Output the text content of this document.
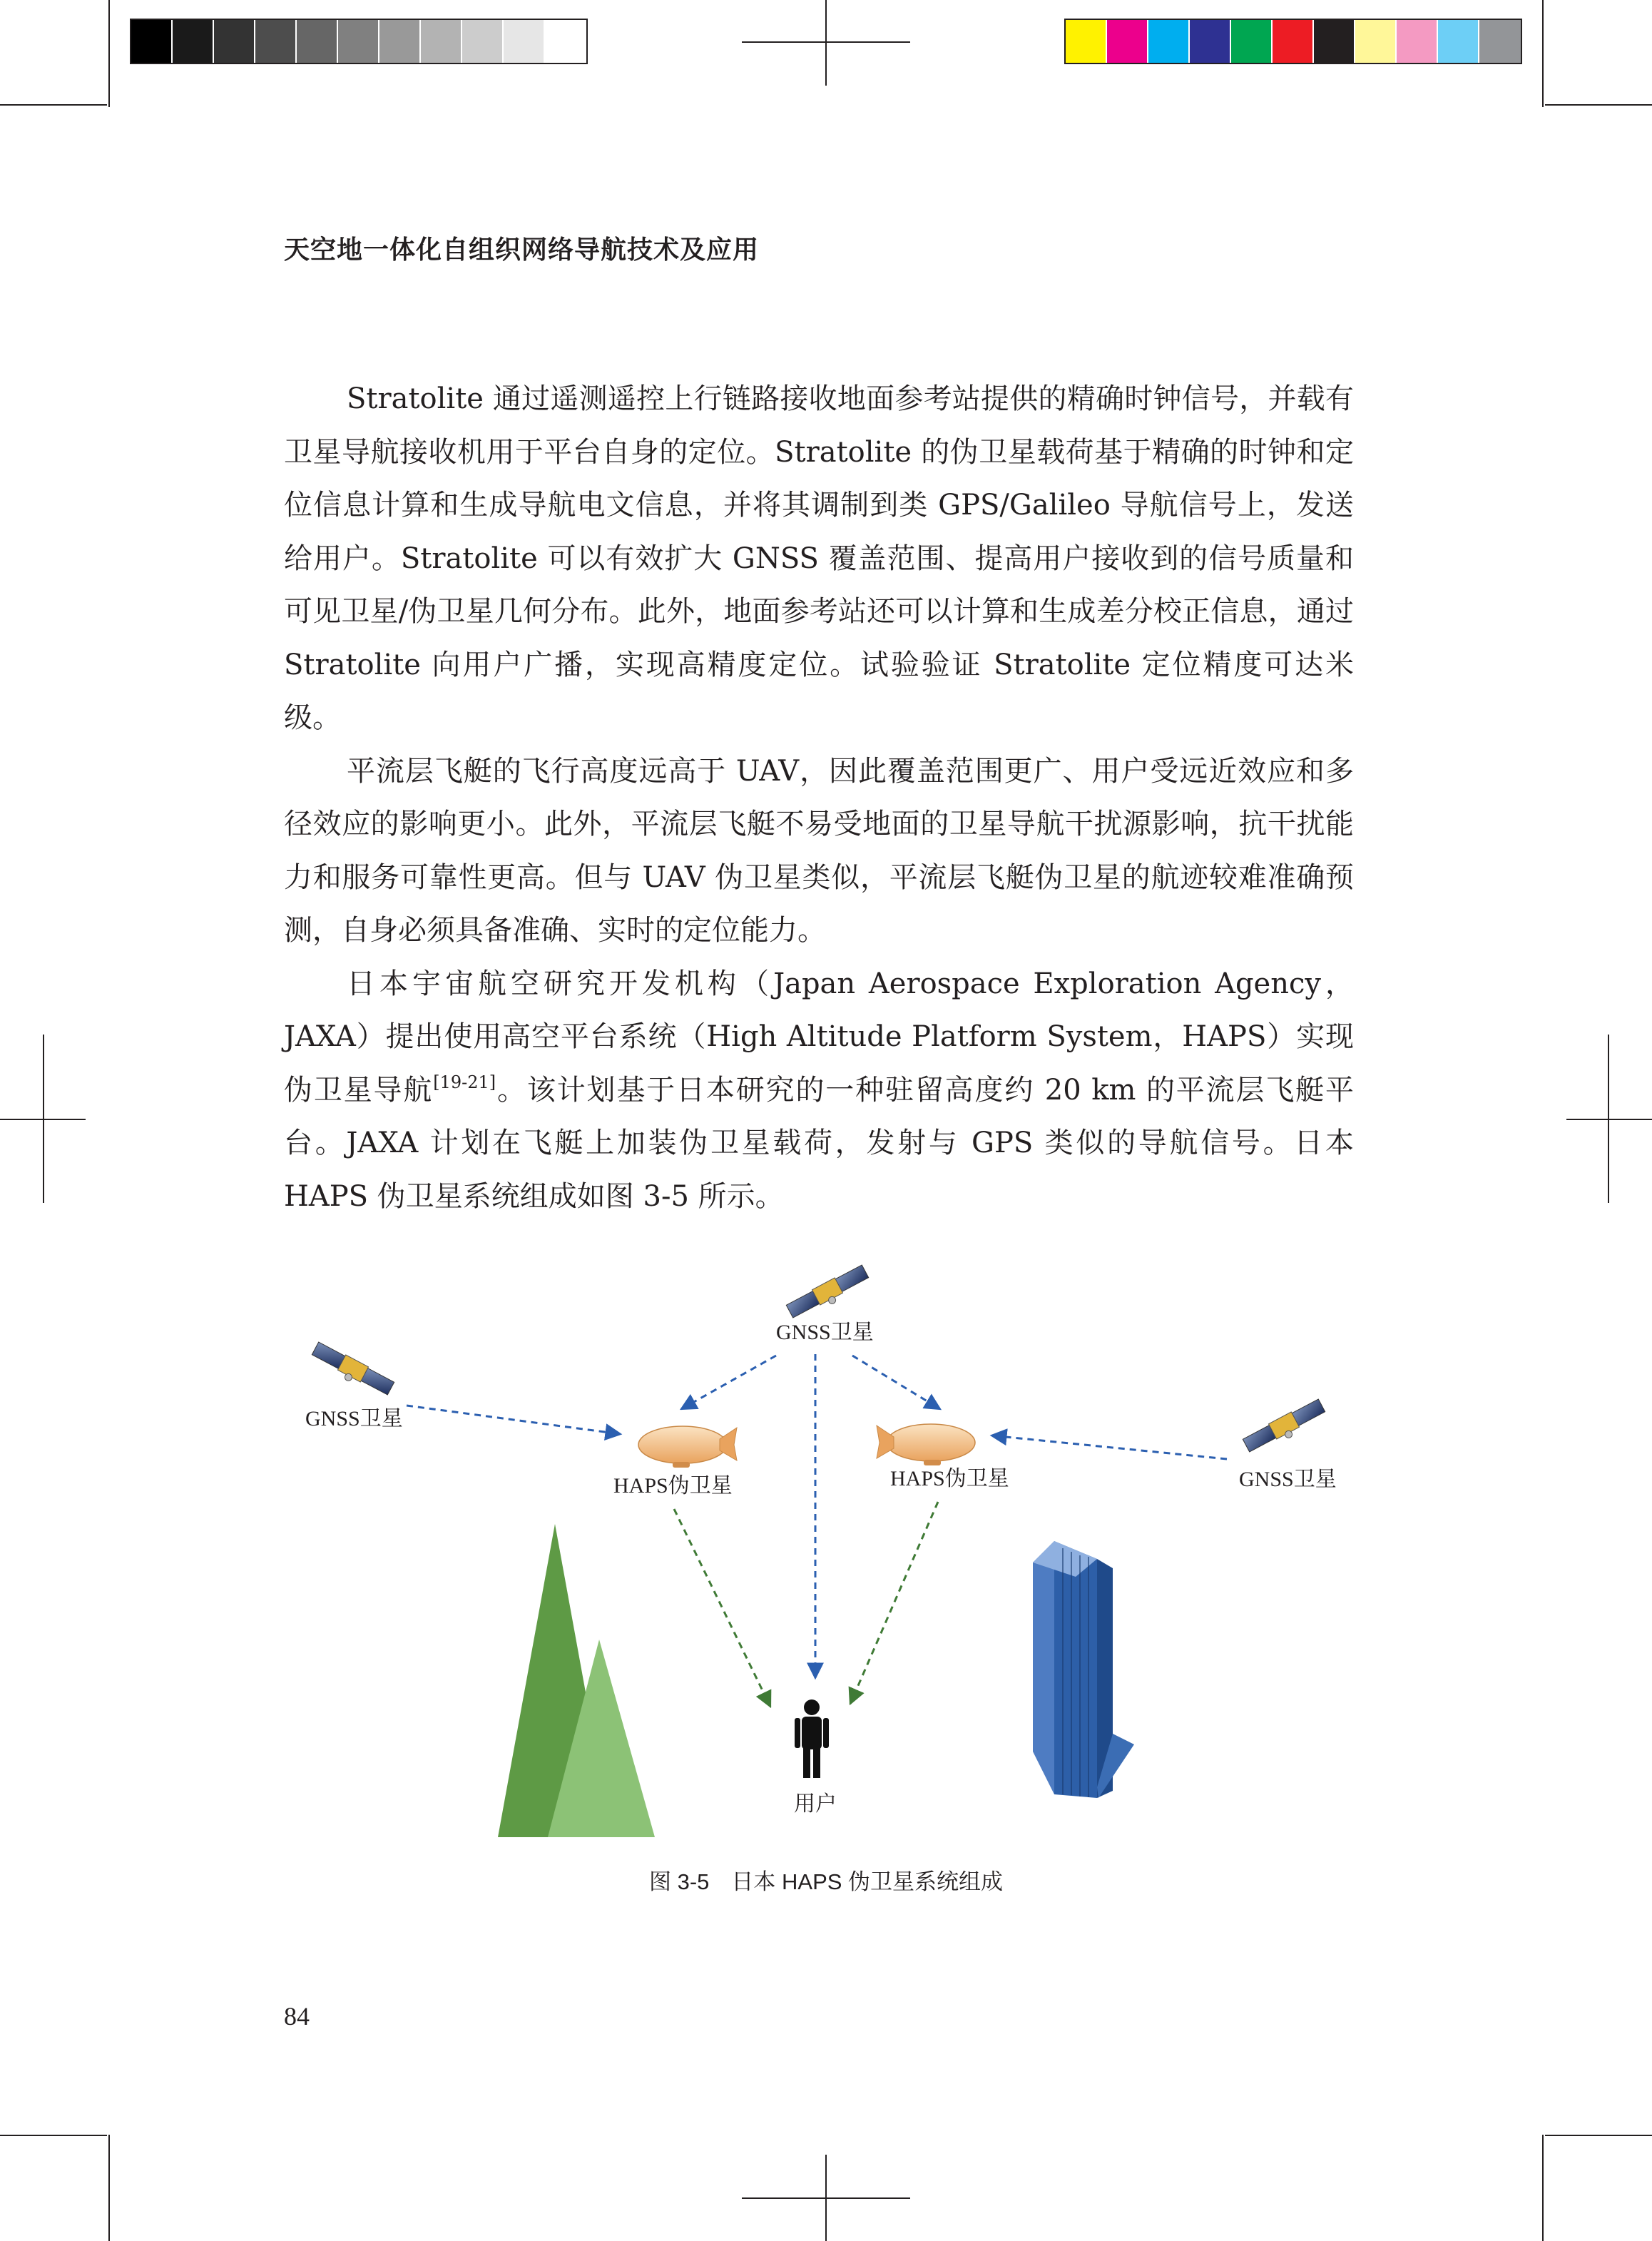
天空地一体化自组织网络导航技术及应用

Stratolite 通过遥测遥控上行链路接收地面参考站提供的精确时钟信号，并载有卫星导航接收机用于平台自身的定位。Stratolite 的伪卫星载荷基于精确的时钟和定位信息计算和生成导航电文信息，并将其调制到类 GPS/Galileo 导航信号上，发送给用户。Stratolite 可以有效扩大 GNSS 覆盖范围、提高用户接收到的信号质量和可见卫星/伪卫星几何分布。此外，地面参考站还可以计算和生成差分校正信息，通过 Stratolite 向用户广播，实现高精度定位。试验验证 Stratolite 定位精度可达米级。

平流层飞艇的飞行高度远高于 UAV，因此覆盖范围更广、用户受远近效应和多径效应的影响更小。此外，平流层飞艇不易受地面的卫星导航干扰源影响，抗干扰能力和服务可靠性更高。但与 UAV 伪卫星类似，平流层飞艇伪卫星的航迹较难准确预测，自身必须具备准确、实时的定位能力。

日本宇宙航空研究开发机构（Japan Aerospace Exploration Agency，JAXA）提出使用高空平台系统（High Altitude Platform System，HAPS）实现伪卫星导航[19-21]。该计划基于日本研究的一种驻留高度约 20 km 的平流层飞艇平台。JAXA 计划在飞艇上加装伪卫星载荷，发射与 GPS 类似的导航信号。日本 HAPS 伪卫星系统组成如图 3-5 所示。

GNSS卫星
GNSS卫星
GNSS卫星
HAPS伪卫星	HAPS伪卫星
用户
图 3-5　日本 HAPS 伪卫星系统组成
84
